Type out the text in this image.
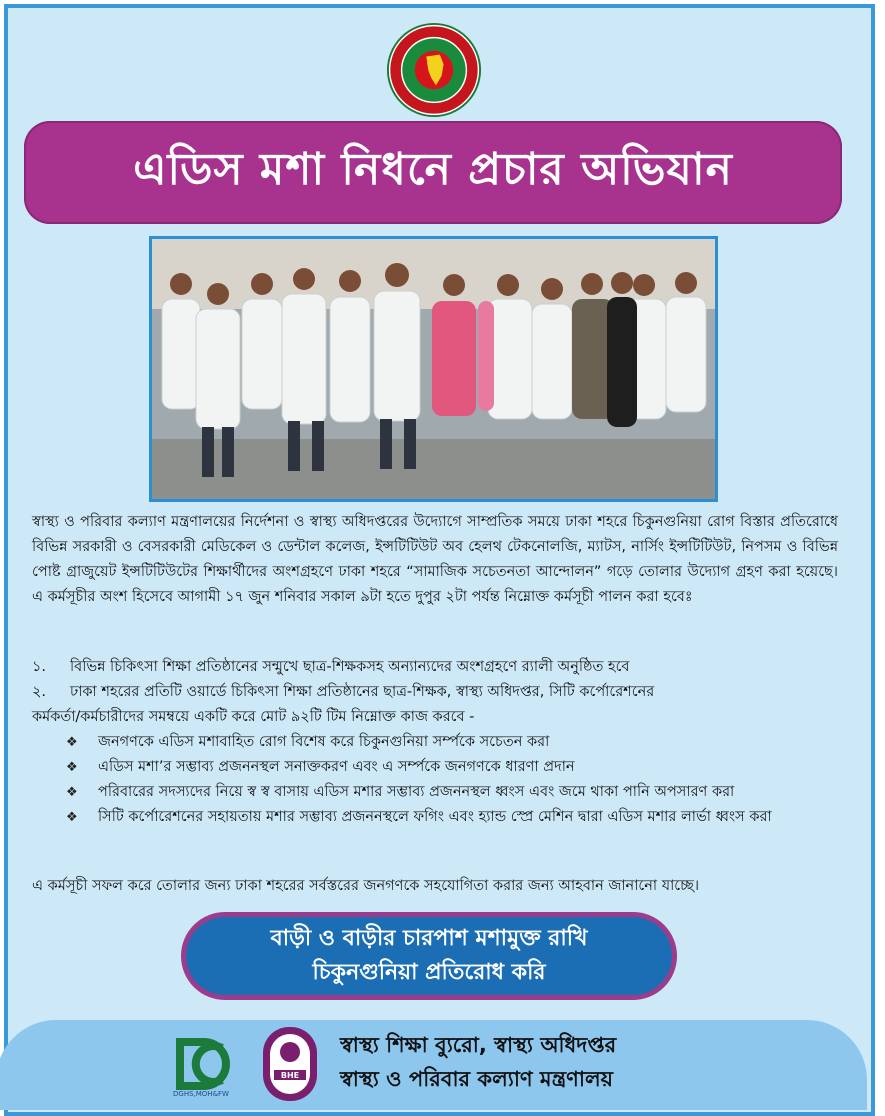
এডিস মশা নিধনে প্রচার অভিযান
স্বাস্থ্য ও পরিবার কল্যাণ মন্ত্রণালয়ের নির্দেশনা ও স্বাস্থ্য অধিদপ্তরের উদ্যোগে সাম্প্রতিক সময়ে ঢাকা শহরে চিকুনগুনিয়া রোগ বিস্তার প্রতিরোধে বিভিন্ন সরকারী ও বেসরকারী মেডিকেল ও ডেন্টাল কলেজ, ইন্সটিটিউট অব হেলথ টেকনোলজি, ম্যাটস, নার্সিং ইন্সটিটিউট, নিপসম ও বিভিন্ন পোষ্ট গ্রাজুয়েট ইন্সটিটিউটের শিক্ষার্থীদের অংশগ্রহণে ঢাকা শহরে “সামাজিক সচেতনতা আন্দোলন” গড়ে তোলার উদ্যোগ গ্রহণ করা হয়েছে। এ কর্মসূচীর অংশ হিসেবে আগামী ১৭ জুন শনিবার সকাল ৯টা হতে দুপুর ২টা পর্যন্ত নিম্নোক্ত কর্মসূচী পালন করা হবেঃ
১. বিভিন্ন চিকিৎসা শিক্ষা প্রতিষ্ঠানের সন্মুখে ছাত্র-শিক্ষকসহ অন্যান্যদের অংশগ্রহণে র‌্যালী অনুষ্ঠিত হবে
২. ঢাকা শহরের প্রতিটি ওয়ার্ডে চিকিৎসা শিক্ষা প্রতিষ্ঠানের ছাত্র-শিক্ষক, স্বাস্থ্য অধিদপ্তর, সিটি কর্পোরেশনের
কর্মকর্তা/কর্মচারীদের সমম্বয়ে একটি করে মোট ৯২টি টিম নিম্নোক্ত কাজ করবে -
❖ জনগণকে এডিস মশাবাহিত রোগ বিশেষ করে চিকুনগুনিয়া সর্ম্পকে সচেতন করা
❖ এডিস মশা’র সম্ভাব্য প্রজননস্থল সনাক্তকরণ এবং এ সর্ম্পকে জনগণকে ধারণা প্রদান
❖ পরিবারের সদস্যদের নিয়ে স্ব স্ব বাসায় এডিস মশার সম্ভাব্য প্রজননস্থল ধ্বংস এবং জমে থাকা পানি অপসারণ করা
❖ সিটি কর্পোরেশনের সহায়তায় মশার সম্ভাব্য প্রজননস্থলে ফগিং এবং হ্যান্ড স্প্রে মেশিন দ্বারা এডিস মশার লার্ভা ধ্বংস করা
এ কর্মসূচী সফল করে তোলার জন্য ঢাকা শহরের সর্বস্তরের জনগণকে সহযোগিতা করার জন্য আহবান জানানো যাচ্ছে।
বাড়ী ও বাড়ীর চারপাশ মশামুক্ত রাখি
চিকুনগুনিয়া প্রতিরোধ করি
DGHS,MOH&FW
BHE
স্বাস্থ্য শিক্ষা ব্যুরো, স্বাস্থ্য অধিদপ্তর
স্বাস্থ্য ও পরিবার কল্যাণ মন্ত্রণালয়
